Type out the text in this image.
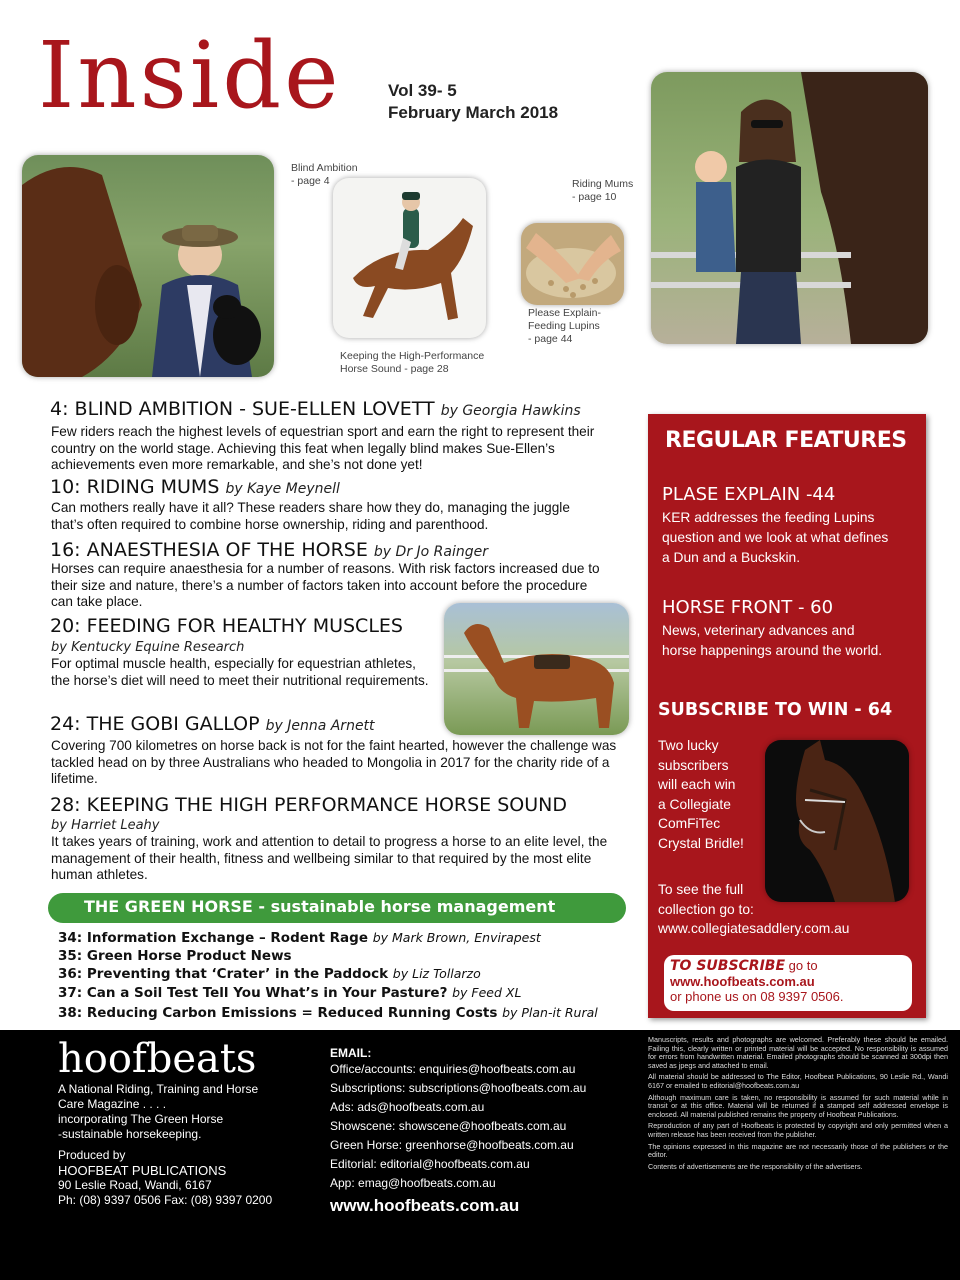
Inside	Vol 39- 5
February March 2018
Blind Ambition
- page 4	Riding Mums
- page 10
Please Explain-
Feeding Lupins
- page 44
Keeping the High-Performance
Horse Sound - page 28
4: BLIND AMBITION - SUE-ELLEN LOVETT by Georgia Hawkins
Few riders reach the highest levels of equestrian sport and earn the right to represent their country on the world stage. Achieving this feat when legally blind makes Sue-Ellen’s achievements even more remarkable, and she’s not done yet!
10: RIDING MUMS by Kaye Meynell
Can mothers really have it all? These readers share how they do, managing the juggle that’s often required to combine horse ownership, riding and parenthood.
16: ANAESTHESIA OF THE HORSE by Dr Jo Rainger
Horses can require anaesthesia for a number of reasons. With risk factors increased due to their size and nature, there’s a number of factors taken into account before the procedure can take place.
20: FEEDING FOR HEALTHY MUSCLES
by Kentucky Equine Research
For optimal muscle health, especially for equestrian athletes, the horse’s diet will need to meet their nutritional requirements.
24: THE GOBI GALLOP by Jenna Arnett
Covering 700 kilometres on horse back is not for the faint hearted, however the challenge was tackled head on by three Australians who headed to Mongolia in 2017 for the charity ride of a lifetime.
28: KEEPING THE HIGH PERFORMANCE HORSE SOUND
by Harriet Leahy
It takes years of training, work and attention to detail to progress a horse to an elite level, the management of their health, fitness and wellbeing similar to that required by the most elite human athletes.
THE GREEN HORSE - sustainable horse management
34: Information Exchange – Rodent Rage by Mark Brown, Envirapest
35: Green Horse Product News
36: Preventing that ‘Crater’ in the Paddock by Liz Tollarzo
37: Can a Soil Test Tell You What’s in Your Pasture? by Feed XL
38: Reducing Carbon Emissions = Reduced Running Costs by Plan-it Rural
REGULAR FEATURES
PLASE EXPLAIN -44
KER addresses the feeding Lupins
question and we look at what defines
a Dun and a Buckskin.
HORSE FRONT - 60
News, veterinary advances and
horse happenings around the world.
SUBSCRIBE TO WIN - 64
Two lucky
subscribers
will each win
a Collegiate
ComFiTec
Crystal Bridle!
To see the full
collection go to:
www.collegiatesaddlery.com.au
TO SUBSCRIBE go to
www.hoofbeats.com.au
or phone us on 08 9397 0506.
hoofbeats
A National Riding, Training and Horse
Care Magazine . . . .
incorporating The Green Horse
-sustainable horsekeeping.
Produced by
HOOFBEAT PUBLICATIONS
90 Leslie Road, Wandi, 6167
Ph: (08) 9397 0506 Fax: (08) 9397 0200
EMAIL:
Office/accounts: enquiries@hoofbeats.com.au
Subscriptions: subscriptions@hoofbeats.com.au
Ads: ads@hoofbeats.com.au
Showscene: showscene@hoofbeats.com.au
Green Horse: greenhorse@hoofbeats.com.au
Editorial: editorial@hoofbeats.com.au
App: emag@hoofbeats.com.au
www.hoofbeats.com.au

Manuscripts, results and photographs are welcomed. Preferably these should be emailed. Failing this, clearly written or printed material will be accepted. No responsibility is assumed for errors from handwritten material. Emailed photographs should be scanned at 300dpi then saved as jpegs and attached to email.

All material should be addressed to The Editor, Hoofbeat Publications, 90 Leslie Rd., Wandi 6167 or emailed to editorial@hoofbeats.com.au

Although maximum care is taken, no responsibility is assumed for such material while in transit or at this office. Material will be returned if a stamped self addressed envelope is enclosed. All material published remains the property of Hoofbeat Publications.

Reproduction of any part of Hoofbeats is protected by copyright and only permitted when a written release has been received from the publisher.

The opinions expressed in this magazine are not necessarily those of the publishers or the editor.

Contents of advertisements are the responsibility of the advertisers.
